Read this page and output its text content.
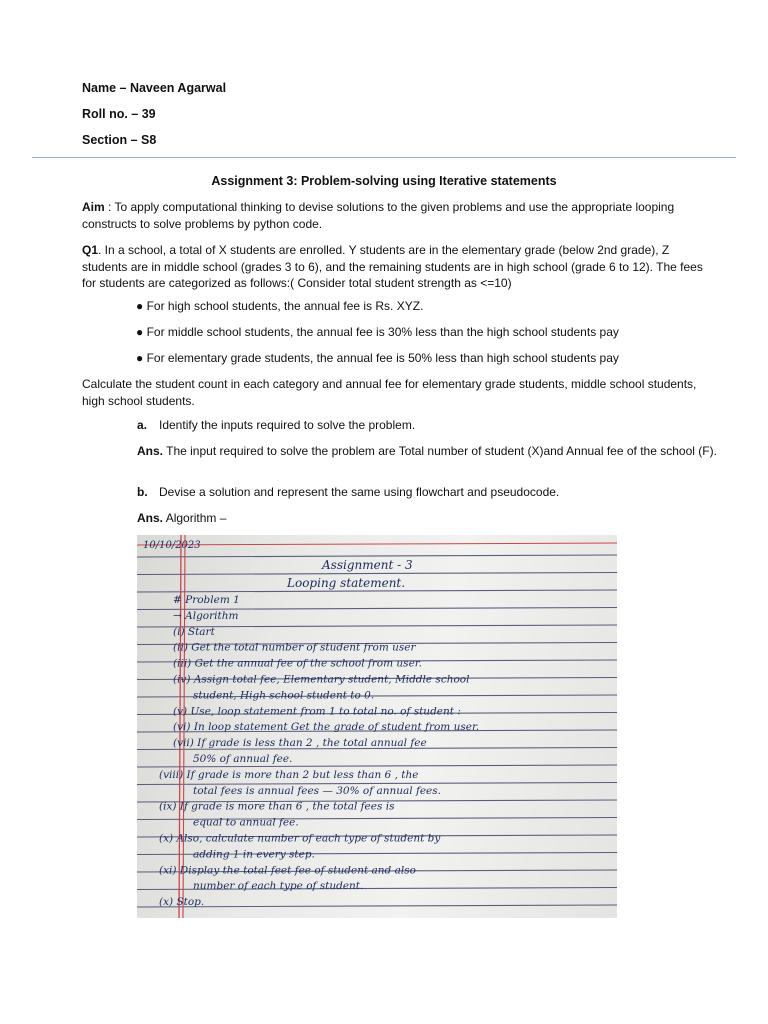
Name – Naveen Agarwal
Roll no. – 39
Section – S8
Assignment 3: Problem-solving using Iterative statements
Aim : To apply computational thinking to devise solutions to the given problems and use the appropriate looping constructs to solve problems by python code.
Q1. In a school, a total of X students are enrolled. Y students are in the elementary grade (below 2nd grade), Z students are in middle school (grades 3 to 6), and the remaining students are in high school (grade 6 to 12). The fees for students are categorized as follows:( Consider total student strength as <=10)
● For high school students, the annual fee is Rs. XYZ.
● For middle school students, the annual fee is 30% less than the high school students pay
● For elementary grade students, the annual fee is 50% less than high school students pay
Calculate the student count in each category and annual fee for elementary grade students, middle school students, high school students.
a. Identify the inputs required to solve the problem.
Ans. The input required to solve the problem are Total number of student (X)and Annual fee of the school (F).
b. Devise a solution and represent the same using flowchart and pseudocode.
Ans. Algorithm –
10/10/2023
Assignment - 3
Looping statement.
# Problem 1
→ Algorithm
(i) Start
(ii) Get the total number of student from user
(iii) Get the annual fee of the school from user.
(iv) Assign total fee, Elementary student, Middle school
student, High school student to 0.
(v) Use, loop statement from 1 to total no. of student :
(vi) In loop statement Get the grade of student from user.
(vii) If grade is less than 2 , the total annual fee
50% of annual fee.
(viii) If grade is more than 2 but less than 6 , the
total fees is annual fees — 30% of annual fees.
(ix) If grade is more than 6 , the total fees is
equal to annual fee.
(x) Also, calculate number of each type of student by
adding 1 in every step.
(xi) Display the total feet fee of student and also
number of each type of student.
(x) Stop.
